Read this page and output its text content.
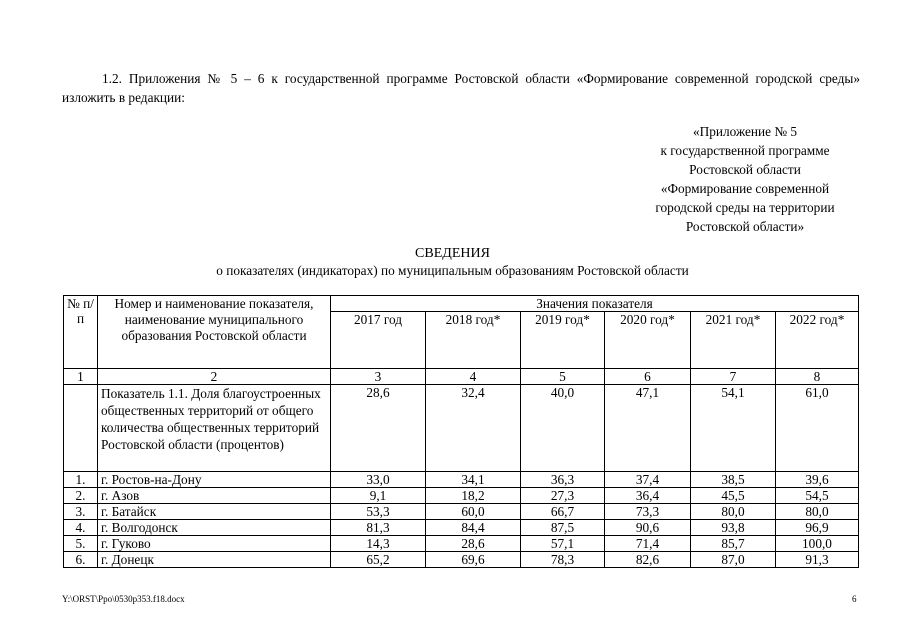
1.2. Приложения № 5 – 6 к государственной программе Ростовской области «Формирование современной городской среды» изложить в редакции:

«Приложение № 5
к государственной программе
Ростовской области
«Формирование современной
городской среды на территории
Ростовской области»
СВЕДЕНИЯ
о показателях (индикаторах) по муниципальным образованиям Ростовской области
№ п/п	Номер и наименование показателя, наименование муниципального образования Ростовской области	Значения показателя					
		2017 год	2018 год*	2019 год*	2020 год*	2021 год*	2022 год*
1	2	3	4	5	6	7	8
	Показатель 1.1. Доля благоустроенных общественных территорий от общего количества общественных территорий Ростовской области (процентов)	28,6	32,4	40,0	47,1	54,1	61,0
1.	г. Ростов-на-Дону	33,0	34,1	36,3	37,4	38,5	39,6
2.	г. Азов	9,1	18,2	27,3	36,4	45,5	54,5
3.	г. Батайск	53,3	60,0	66,7	73,3	80,0	80,0
4.	г. Волгодонск	81,3	84,4	87,5	90,6	93,8	96,9
5.	г. Гуково	14,3	28,6	57,1	71,4	85,7	100,0
6.	г. Донецк	65,2	69,6	78,3	82,6	87,0	91,3
Y:\ORST\Ppo\0530p353.f18.docx	6
